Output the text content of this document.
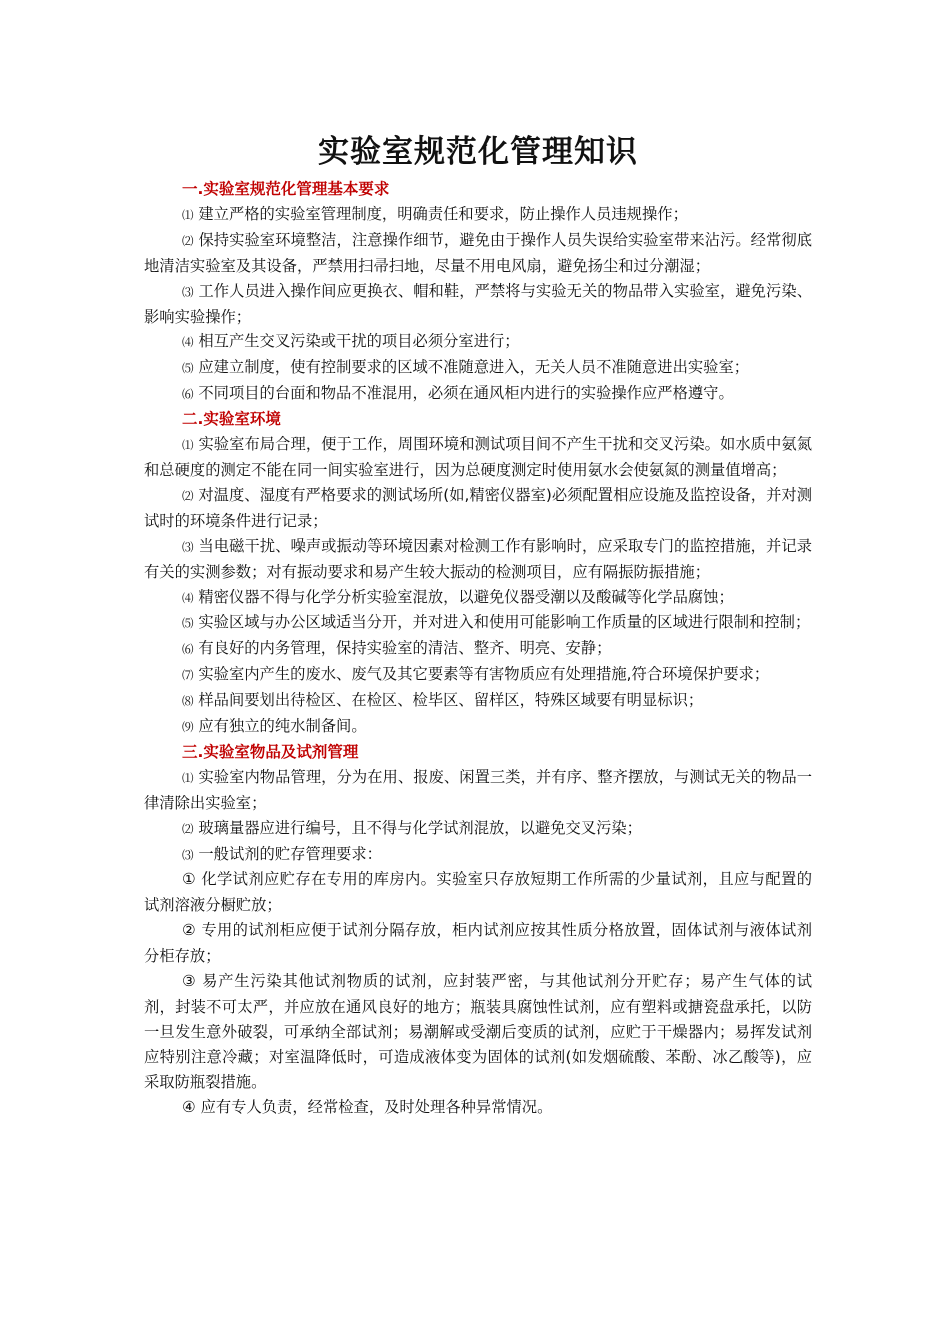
实验室规范化管理知识

一.实验室规范化管理基本要求

⑴ 建立严格的实验室管理制度，明确责任和要求，防止操作人员违规操作；

⑵ 保持实验室环境整洁，注意操作细节，避免由于操作人员失误给实验室带来沾污。经常彻底地清洁实验室及其设备，严禁用扫帚扫地，尽量不用电风扇，避免扬尘和过分潮湿；

⑶ 工作人员进入操作间应更换衣、帽和鞋，严禁将与实验无关的物品带入实验室，避免污染、影响实验操作；

⑷ 相互产生交叉污染或干扰的项目必须分室进行；

⑸ 应建立制度，使有控制要求的区域不准随意进入，无关人员不准随意进出实验室；

⑹ 不同项目的台面和物品不准混用，必须在通风柜内进行的实验操作应严格遵守。

二.实验室环境

⑴ 实验室布局合理，便于工作，周围环境和测试项目间不产生干扰和交叉污染。如水质中氨氮和总硬度的测定不能在同一间实验室进行，因为总硬度测定时使用氨水会使氨氮的测量值增高；

⑵ 对温度、湿度有严格要求的测试场所(如,精密仪器室)必须配置相应设施及监控设备，并对测试时的环境条件进行记录；

⑶ 当电磁干扰、噪声或振动等环境因素对检测工作有影响时，应采取专门的监控措施，并记录有关的实测参数；对有振动要求和易产生较大振动的检测项目，应有隔振防振措施；

⑷ 精密仪器不得与化学分析实验室混放，以避免仪器受潮以及酸碱等化学品腐蚀；

⑸ 实验区域与办公区域适当分开，并对进入和使用可能影响工作质量的区域进行限制和控制；

⑹ 有良好的内务管理，保持实验室的清洁、整齐、明亮、安静；

⑺ 实验室内产生的废水、废气及其它要素等有害物质应有处理措施,符合环境保护要求；

⑻ 样品间要划出待检区、在检区、检毕区、留样区，特殊区域要有明显标识；

⑼ 应有独立的纯水制备间。

三.实验室物品及试剂管理

⑴ 实验室内物品管理，分为在用、报废、闲置三类，并有序、整齐摆放，与测试无关的物品一律清除出实验室；

⑵ 玻璃量器应进行编号，且不得与化学试剂混放，以避免交叉污染；

⑶ 一般试剂的贮存管理要求：

① 化学试剂应贮存在专用的库房内。实验室只存放短期工作所需的少量试剂，且应与配置的试剂溶液分橱贮放；

② 专用的试剂柜应便于试剂分隔存放，柜内试剂应按其性质分格放置，固体试剂与液体试剂分柜存放；

③ 易产生污染其他试剂物质的试剂，应封装严密，与其他试剂分开贮存；易产生气体的试剂，封装不可太严，并应放在通风良好的地方；瓶装具腐蚀性试剂，应有塑料或搪瓷盘承托，以防一旦发生意外破裂，可承纳全部试剂；易潮解或受潮后变质的试剂，应贮于干燥器内；易挥发试剂应特别注意冷藏；对室温降低时，可造成液体变为固体的试剂(如发烟硫酸、苯酚、冰乙酸等)，应采取防瓶裂措施。

④ 应有专人负责，经常检查，及时处理各种异常情况。
